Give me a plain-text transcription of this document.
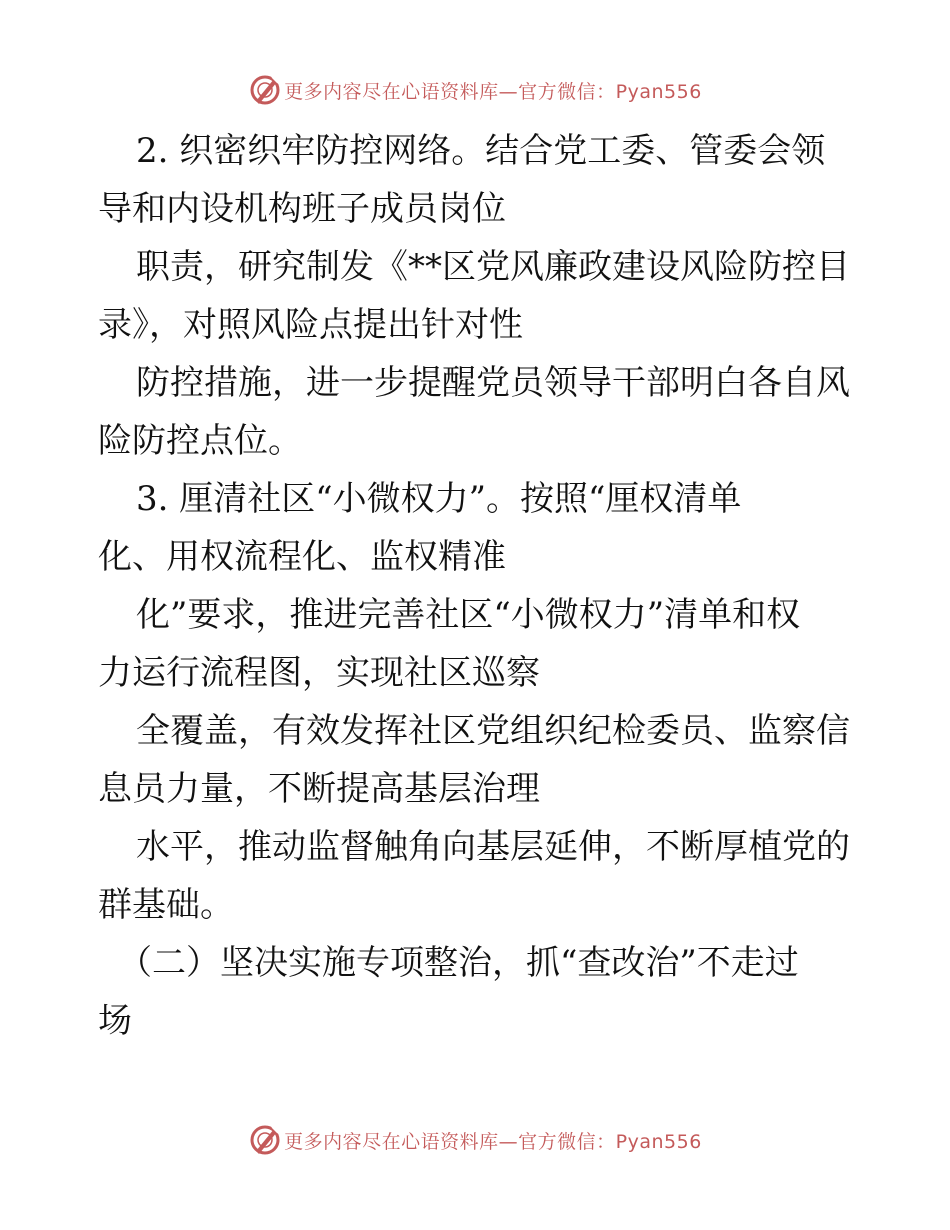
更多内容尽在心语资料库—官方微信：Pyan556
2. 织密织牢防控网络。结合党工委、管委会领
导和内设机构班子成员岗位
职责，研究制发《**区党风廉政建设风险防控目
录》，对照风险点提出针对性
防控措施，进一步提醒党员领导干部明白各自风
险防控点位。
3. 厘清社区“小微权力”。按照“厘权清单
化、用权流程化、监权精准
化”要求，推进完善社区“小微权力”清单和权
力运行流程图，实现社区巡察
全覆盖，有效发挥社区党组织纪检委员、监察信
息员力量，不断提高基层治理
水平，推动监督触角向基层延伸，不断厚植党的
群基础。
（二）坚决实施专项整治，抓“查改治”不走过
场
更多内容尽在心语资料库—官方微信：Pyan556
